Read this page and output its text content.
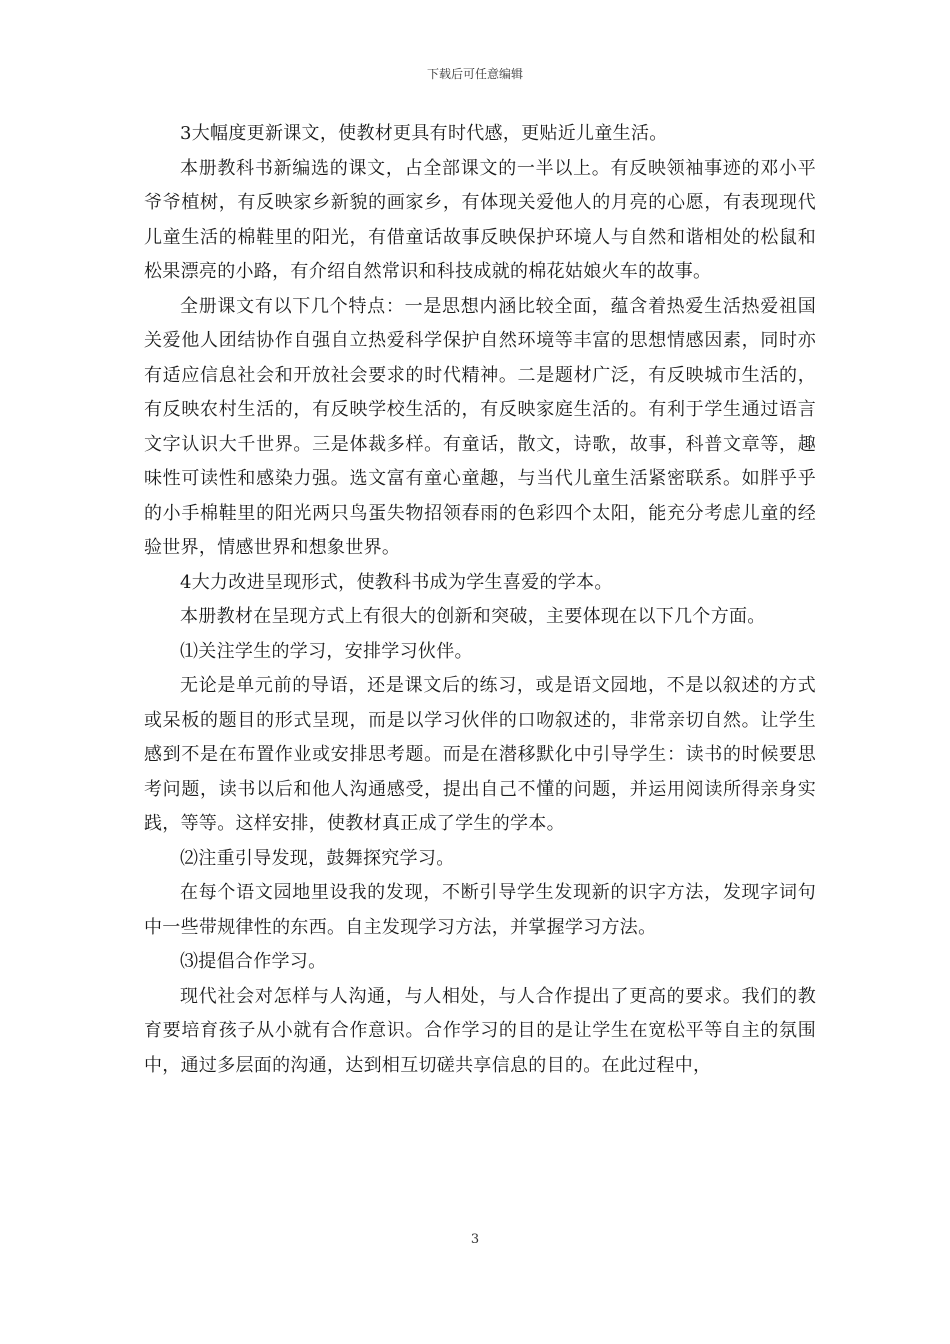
下载后可任意编辑

3大幅度更新课文，使教材更具有时代感，更贴近儿童生活。

本册教科书新编选的课文，占全部课文的一半以上。有反映领袖事迹的邓小平爷爷植树，有反映家乡新貌的画家乡，有体现关爱他人的月亮的心愿，有表现现代儿童生活的棉鞋里的阳光，有借童话故事反映保护环境人与自然和谐相处的松鼠和松果漂亮的小路，有介绍自然常识和科技成就的棉花姑娘火车的故事。

全册课文有以下几个特点：一是思想内涵比较全面，蕴含着热爱生活热爱祖国关爱他人团结协作自强自立热爱科学保护自然环境等丰富的思想情感因素，同时亦有适应信息社会和开放社会要求的时代精神。二是题材广泛，有反映城市生活的，有反映农村生活的，有反映学校生活的，有反映家庭生活的。有利于学生通过语言文字认识大千世界。三是体裁多样。有童话，散文，诗歌，故事，科普文章等，趣味性可读性和感染力强。选文富有童心童趣，与当代儿童生活紧密联系。如胖乎乎的小手棉鞋里的阳光两只鸟蛋失物招领春雨的色彩四个太阳，能充分考虑儿童的经验世界，情感世界和想象世界。

4大力改进呈现形式，使教科书成为学生喜爱的学本。

本册教材在呈现方式上有很大的创新和突破，主要体现在以下几个方面。

⑴关注学生的学习，安排学习伙伴。

无论是单元前的导语，还是课文后的练习，或是语文园地，不是以叙述的方式或呆板的题目的形式呈现，而是以学习伙伴的口吻叙述的，非常亲切自然。让学生感到不是在布置作业或安排思考题。而是在潜移默化中引导学生：读书的时候要思考问题，读书以后和他人沟通感受，提出自己不懂的问题，并运用阅读所得亲身实践，等等。这样安排，使教材真正成了学生的学本。

⑵注重引导发现，鼓舞探究学习。

在每个语文园地里设我的发现，不断引导学生发现新的识字方法，发现字词句中一些带规律性的东西。自主发现学习方法，并掌握学习方法。

⑶提倡合作学习。

现代社会对怎样与人沟通，与人相处，与人合作提出了更高的要求。我们的教育要培育孩子从小就有合作意识。合作学习的目的是让学生在宽松平等自主的氛围中，通过多层面的沟通，达到相互切磋共享信息的目的。在此过程中，

3
